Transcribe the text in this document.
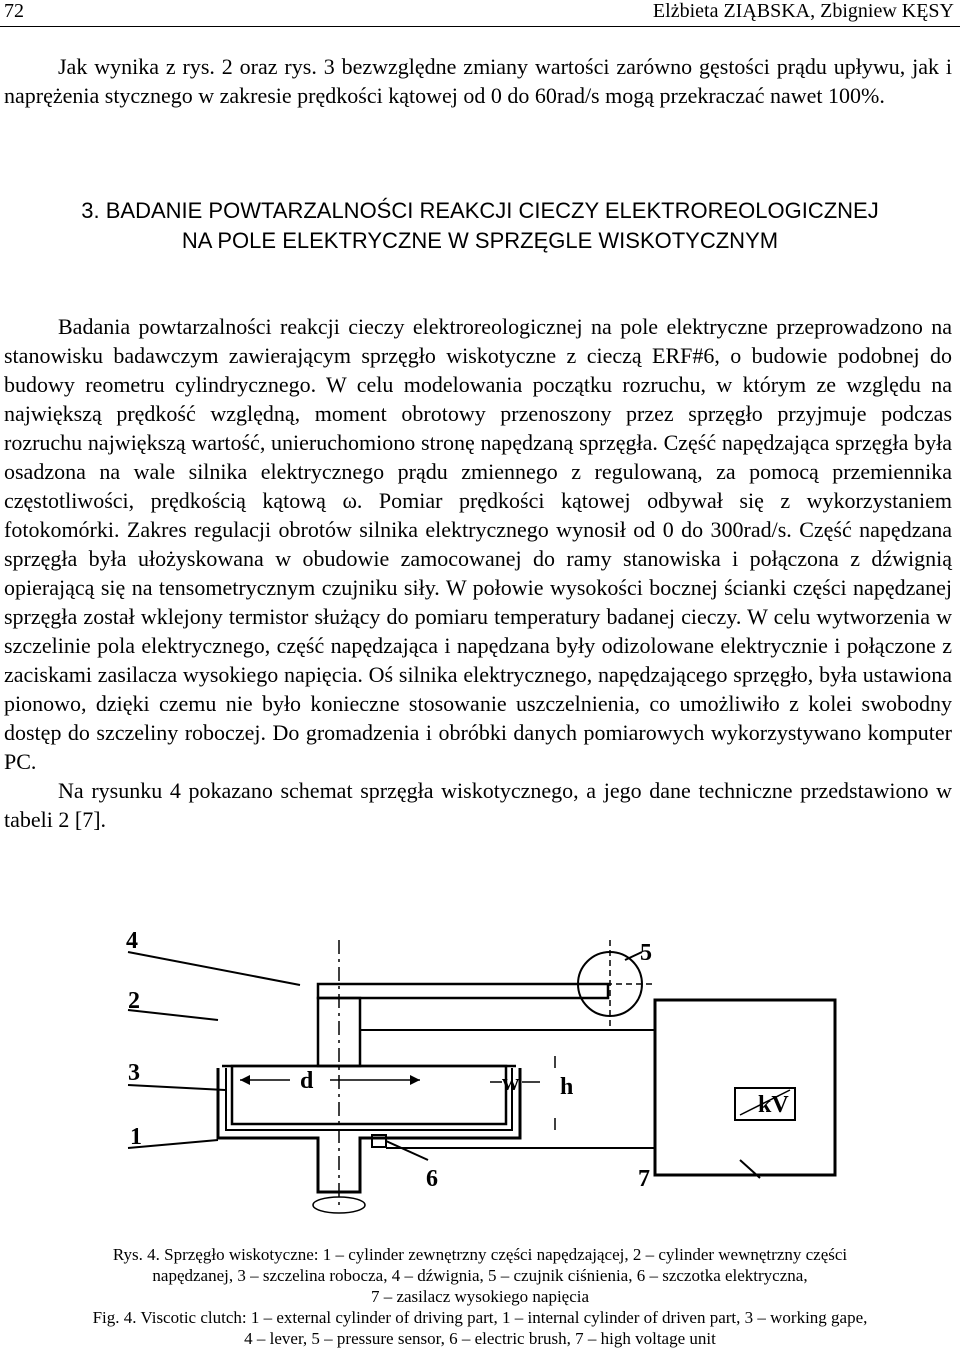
72	Elżbieta ZIĄBSKA, Zbigniew KĘSY

Jak wynika z rys. 2 oraz rys. 3 bezwzględne zmiany wartości zarówno gęstości prądu upływu, jak i naprężenia stycznego w zakresie prędkości kątowej od 0 do 60rad/s mogą przekraczać nawet 100%.

3. BADANIE POWTARZALNOŚCI REAKCJI CIECZY ELEKTROREOLOGICZNEJ
NA POLE ELEKTRYCZNE W SPRZĘGLE WISKOTYCZNYM

Badania powtarzalności reakcji cieczy elektroreologicznej na pole elektryczne przeprowadzono na stanowisku badawczym zawierającym sprzęgło wiskotyczne z cieczą ERF#6, o budowie podobnej do budowy reometru cylindrycznego. W celu modelowania początku rozruchu, w którym ze względu na największą prędkość względną, moment obrotowy przenoszony przez sprzęgło przyjmuje podczas rozruchu największą wartość, unieruchomiono stronę napędzaną sprzęgła. Część napędzająca sprzęgła była osadzona na wale silnika elektrycznego prądu zmiennego z regulowaną, za pomocą przemiennika częstotliwości, prędkością kątową ω. Pomiar prędkości kątowej odbywał się z wykorzystaniem fotokomórki. Zakres regulacji obrotów silnika elektrycznego wynosił od 0 do 300rad/s. Część napędzana sprzęgła była ułożyskowana w obudowie zamocowanej do ramy stanowiska i połączona z dźwignią opierającą się na tensometrycznym czujniku siły. W połowie wysokości bocznej ścianki części napędzanej sprzęgła został wklejony termistor służący do pomiaru temperatury badanej cieczy. W celu wytworzenia w szczelinie pola elektrycznego, część napędzająca i napędzana były odizolowane elektrycznie i połączone z zaciskami zasilacza wysokiego napięcia. Oś silnika elektrycznego, napędzającego sprzęgło, była ustawiona pionowo, dzięki czemu nie było konieczne stosowanie uszczelnienia, co umożliwiło z kolei swobodny dostęp do szczeliny roboczej. Do gromadzenia i obróbki danych pomiarowych wykorzystywano komputer PC.

Na rysunku 4 pokazano schemat sprzęgła wiskotycznego, a jego dane techniczne przedstawiono w tabeli 2 [7].

4
2
3
1
5
6	7
d	w h
kV
Rys. 4. Sprzęgło wiskotyczne: 1 – cylinder zewnętrzny części napędzającej, 2 – cylinder wewnętrzny części
napędzanej, 3 – szczelina robocza, 4 – dźwignia, 5 – czujnik ciśnienia, 6 – szczotka elektryczna,
7 – zasilacz wysokiego napięcia
Fig. 4. Viscotic clutch: 1 – external cylinder of driving part, 1 – internal cylinder of driven part, 3 – working gape,
4 – lever, 5 – pressure sensor, 6 – electric brush, 7 – high voltage unit
